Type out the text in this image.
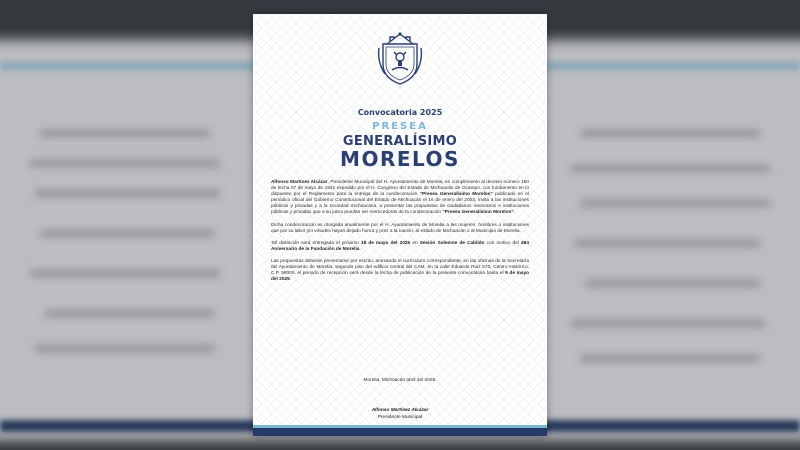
Convocatoria 2025
PRESEA
GENERALÍSIMO
MORELOS

Alfonso Martínez Alcázar, Presidente Municipal del H. Ayuntamiento de Morelia, en cumplimiento al decreto número 150 de fecha 07 de mayo de 1942 expedido por el H. Congreso del Estado de Michoacán de Ocampo, con fundamento en lo dispuesto por el Reglamento para la entrega de la condecoración “Presea Generalísimo Morelos” publicado en el periódico oficial del Gobierno Constitucional del Estado de Michoacán el 16 de enero del 2003, invita a las instituciones públicas y privadas y a la sociedad michoacana, a presentar las propuestas de ciudadanos mexicanos e instituciones públicas y privadas que a su juicio puedan ser merecedoras de la condecoración “Presea Generalísimo Morelos”.

Dicha condecoración es otorgada anualmente por el H. Ayuntamiento de Morelia a las mujeres, hombres o instituciones que por su labor y/o virtudes hayan dejado honra y prez a la nación, al estado de Michoacán o al Municipio de Morelia.

Tal distinción será entregada el próximo 18 de mayo del 2025 en Sesión Solemne de Cabildo con motivo del 484 Aniversario de la Fundación de Morelia.

Las propuestas deberán presentarse por escrito, anexando el currículum correspondiente, en las oficinas de la Secretaría del Ayuntamiento de Morelia, segundo piso del edificio central del CAM, en la calle Eduardo Ruiz 570, Centro Histórico, C.P. 58000, el periodo de recepción será desde la fecha de publicación de la presente convocatoria hasta el 9 de mayo del 2025.

Morelia, Michoacán abril del 2025.
Alfonso Martínez Alcázar
Presidente Municipal
